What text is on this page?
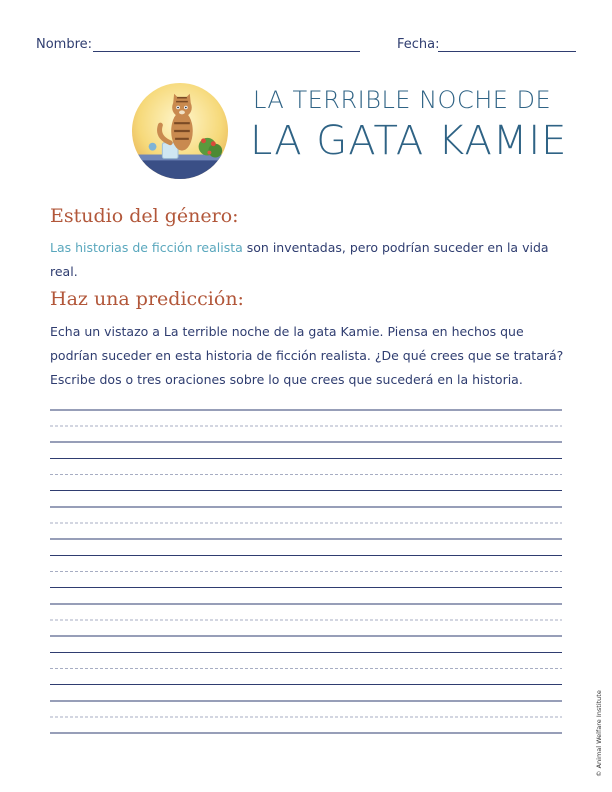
Nombre:	Fecha:
LA TERRIBLE NOCHE DE
LA GATA KAMIE
Estudio del género:
Las historias de ficción realista son inventadas, pero podrían suceder en la vida real.
Haz una predicción:
Echa un vistazo a La terrible noche de la gata Kamie. Piensa en hechos que podrían suceder en esta historia de ficción realista. ¿De qué crees que se tratará? Escribe dos o tres oraciones sobre lo que crees que sucederá en la historia.
© Animal Welfare Institute
